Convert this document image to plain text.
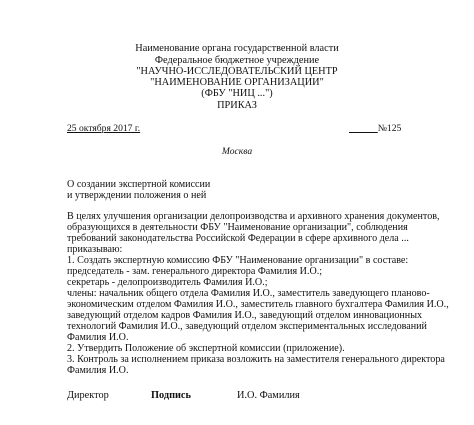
Наименование органа государственной власти
Федеральное бюджетное учреждение
"НАУЧНО-ИССЛЕДОВАТЕЛЬСКИЙ ЦЕНТР
"НАИМЕНОВАНИЕ ОРГАНИЗАЦИИ"
(ФБУ "НИЦ ...")
ПРИКАЗ
25 октября 2017 г.	№125
Москва
О создании экспертной комиссии
и утверждении положения о ней
В целях улучшения организации делопроизводства и архивного хранения документов,
образующихся в деятельности ФБУ "Наименование организации", соблюдения
требований законодательства Российской Федерации в сфере архивного дела ...
приказываю:
1. Создать экспертную комиссию ФБУ "Наименование организации" в составе:
председатель - зам. генерального директора Фамилия И.О.;
секретарь - делопроизводитель Фамилия И.О.;
члены: начальник общего отдела Фамилия И.О., заместитель заведующего планово-
экономическим отделом Фамилия И.О., заместитель главного бухгалтера Фамилия И.О.,
заведующий отделом кадров Фамилия И.О., заведующий отделом инновационных
технологий Фамилия И.О., заведующий отделом экспериментальных исследований
Фамилия И.О.
2. Утвердить Положение об экспертной комиссии (приложение).
3. Контроль за исполнением приказа возложить на заместителя генерального директора
Фамилия И.О.
Директор	Подпись	И.О. Фамилия
